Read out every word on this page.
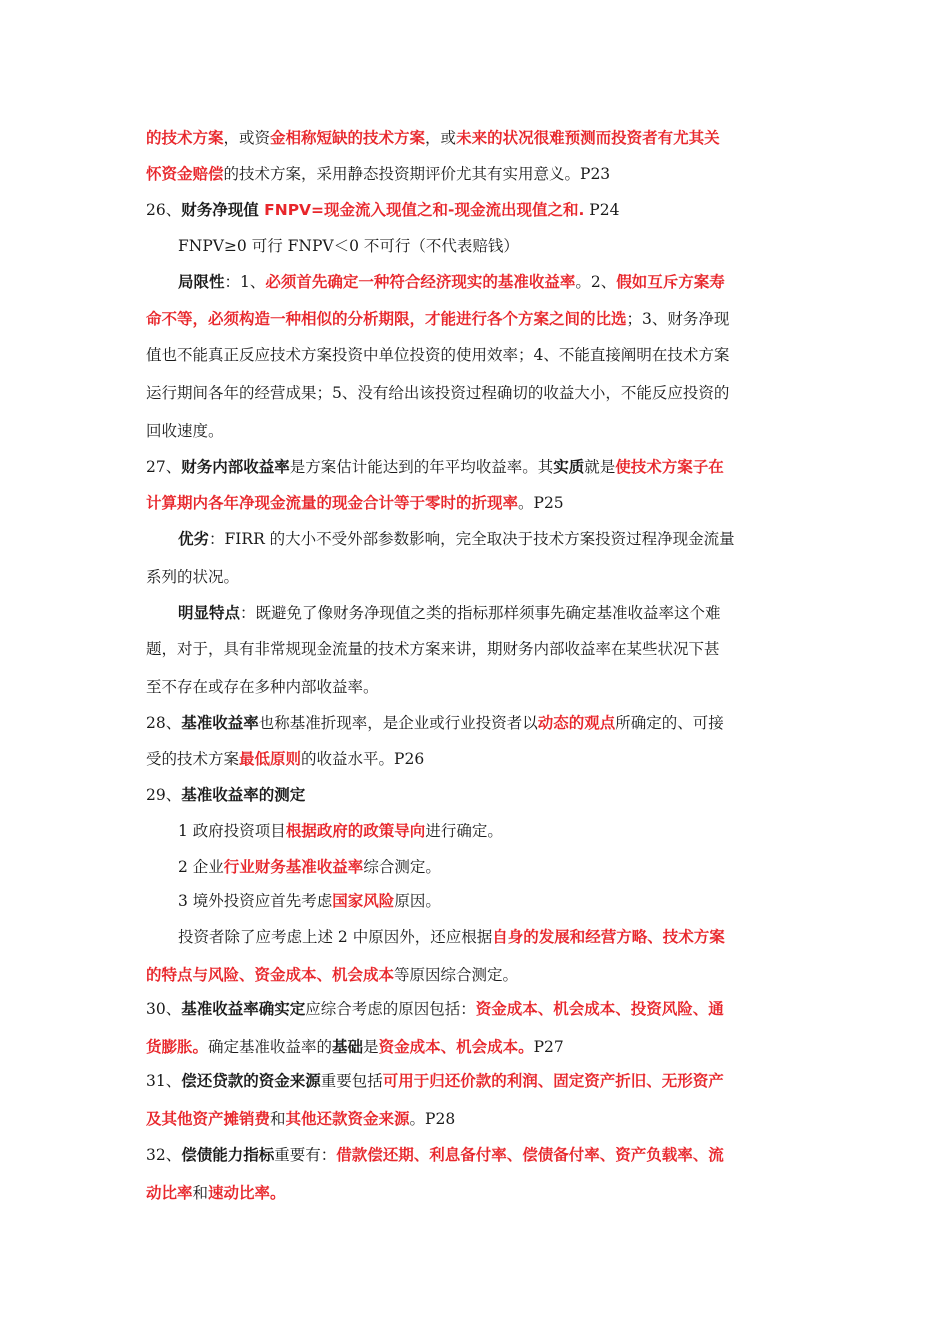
的技术方案，或资金相称短缺的技术方案，或未来的状况很难预测而投资者有尤其关
怀资金赔偿的技术方案，采用静态投资期评价尤其有实用意义。P23
26、财务净现值 FNPV=现金流入现值之和-现金流出现值之和. P24
FNPV≥0 可行 FNPV＜0 不可行（不代表赔钱）
局限性：1、必须首先确定一种符合经济现实的基准收益率。2、假如互斥方案寿
命不等，必须构造一种相似的分析期限，才能进行各个方案之间的比选；3、财务净现
值也不能真正反应技术方案投资中单位投资的使用效率；4、不能直接阐明在技术方案
运行期间各年的经营成果；5、没有给出该投资过程确切的收益大小，不能反应投资的
回收速度。
27、财务内部收益率是方案估计能达到的年平均收益率。其实质就是使技术方案子在
计算期内各年净现金流量的现金合计等于零时的折现率。P25
优劣：FIRR 的大小不受外部参数影响，完全取决于技术方案投资过程净现金流量
系列的状况。
明显特点：既避免了像财务净现值之类的指标那样须事先确定基准收益率这个难
题，对于，具有非常规现金流量的技术方案来讲，期财务内部收益率在某些状况下甚
至不存在或存在多种内部收益率。
28、基准收益率也称基准折现率，是企业或行业投资者以动态的观点所确定的、可接
受的技术方案最低原则的收益水平。P26
29、基准收益率的测定
1 政府投资项目根据政府的政策导向进行确定。
2 企业行业财务基准收益率综合测定。
3 境外投资应首先考虑国家风险原因。
投资者除了应考虑上述 2 中原因外，还应根据自身的发展和经营方略、技术方案
的特点与风险、资金成本、机会成本等原因综合测定。
30、基准收益率确实定应综合考虑的原因包括：资金成本、机会成本、投资风险、通
货膨胀。确定基准收益率的基础是资金成本、机会成本。P27
31、偿还贷款的资金来源重要包括可用于归还价款的利润、固定资产折旧、无形资产
及其他资产摊销费和其他还款资金来源。P28
32、偿债能力指标重要有：借款偿还期、利息备付率、偿债备付率、资产负载率、流
动比率和速动比率。
